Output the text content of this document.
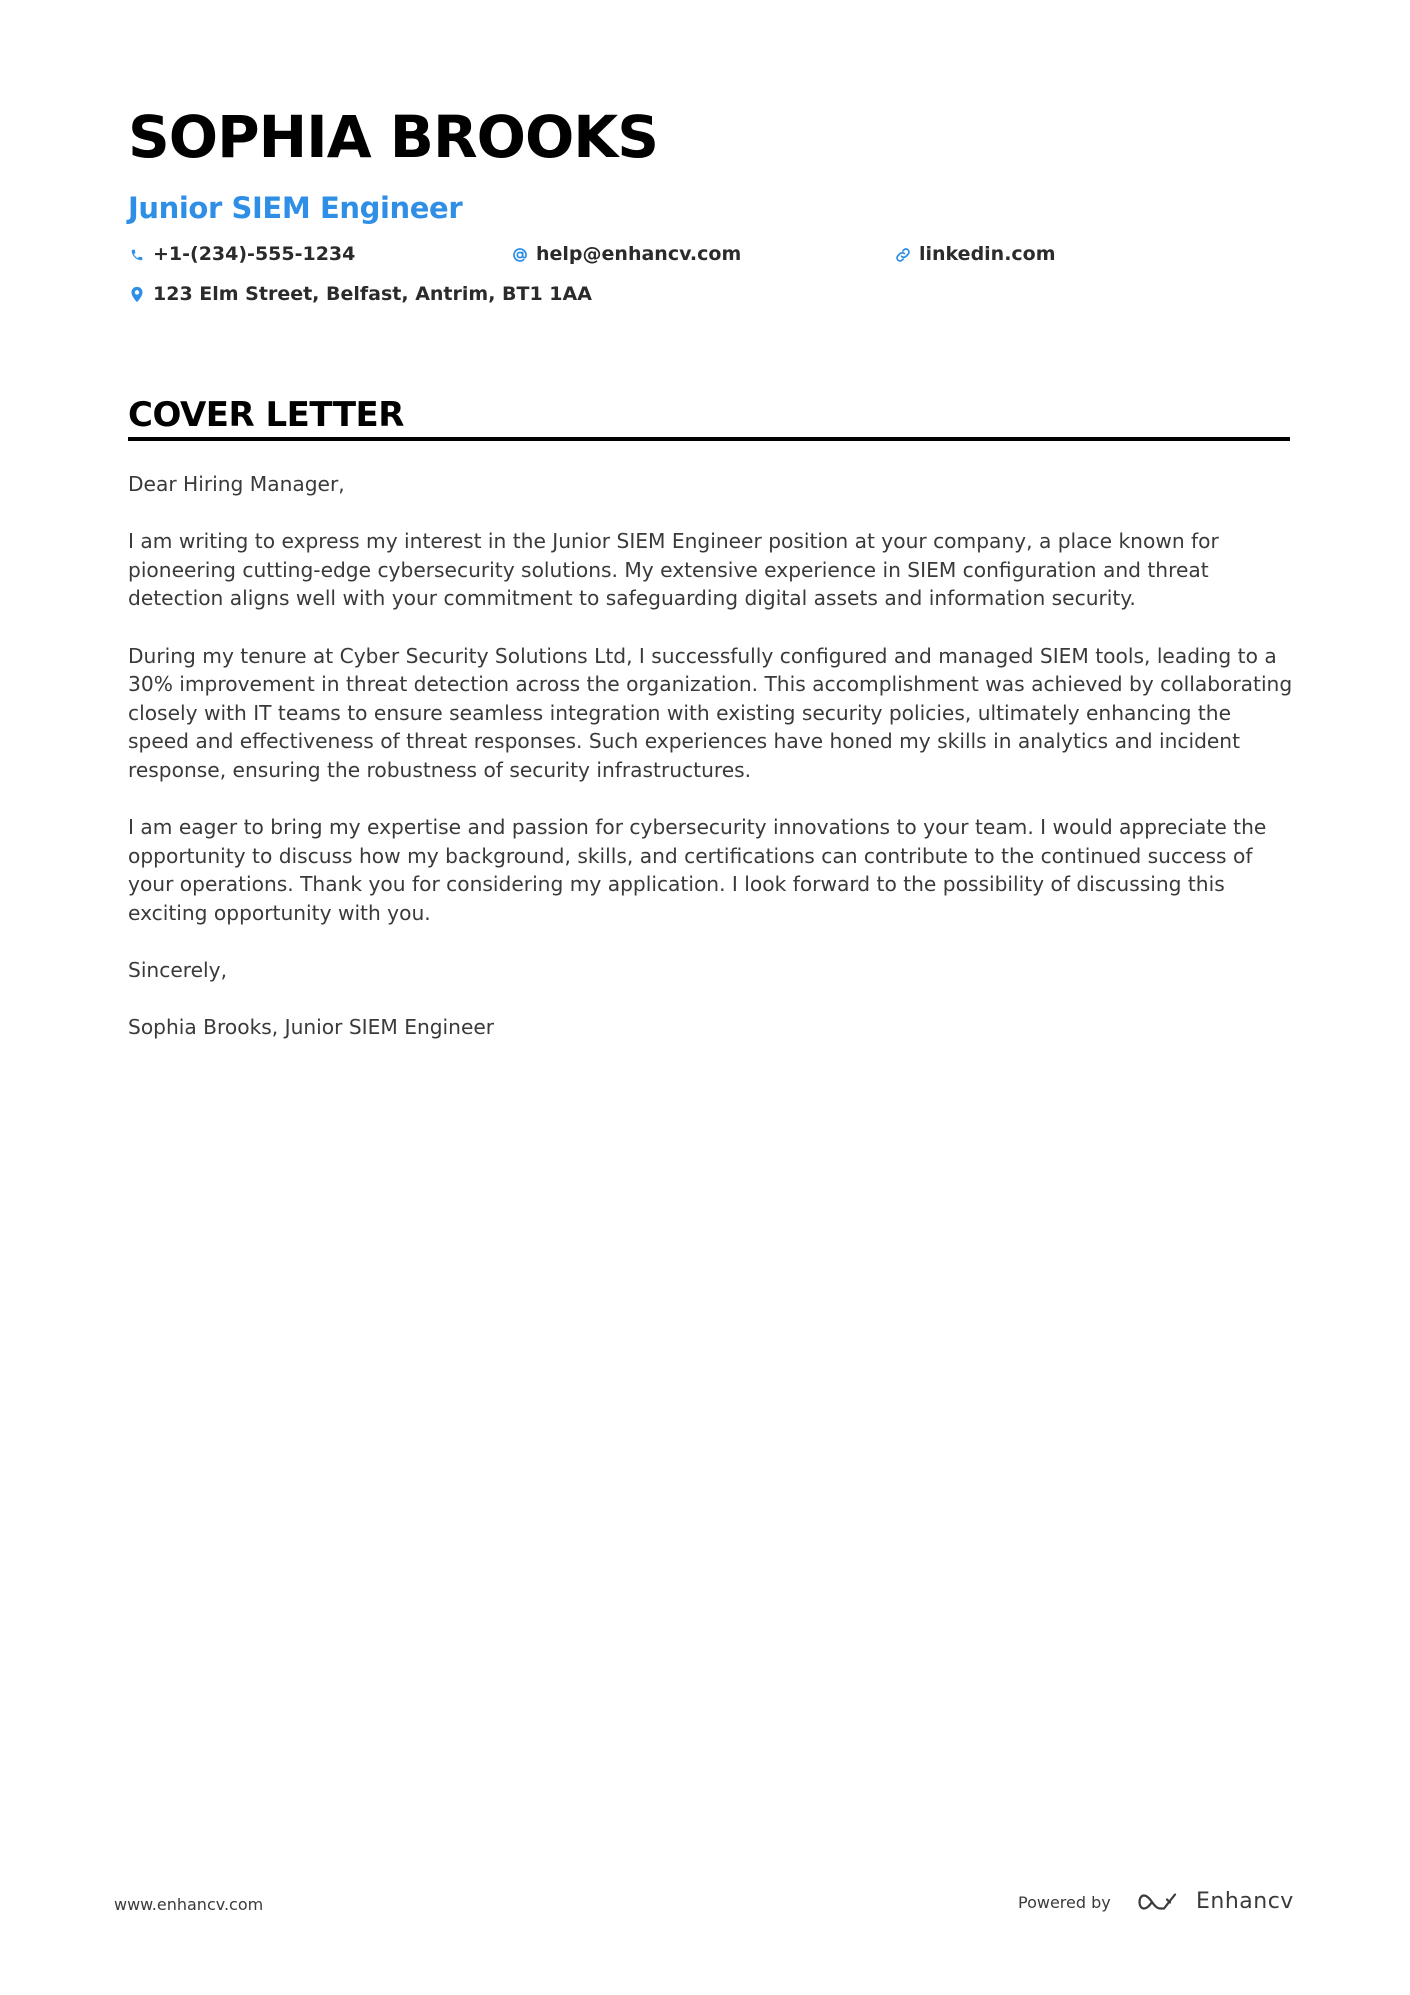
SOPHIA BROOKS
Junior SIEM Engineer
+1-(234)-555-1234	help@enhancv.com	linkedin.com
123 Elm Street, Belfast, Antrim, BT1 1AA
COVER LETTER

Dear Hiring Manager,

I am writing to express my interest in the Junior SIEM Engineer position at your company, a place known for pioneering cutting-edge cybersecurity solutions. My extensive experience in SIEM configuration and threat detection aligns well with your commitment to safeguarding digital assets and information security.

During my tenure at Cyber Security Solutions Ltd, I successfully configured and managed SIEM tools, leading to a 30% improvement in threat detection across the organization. This accomplishment was achieved by collaborating closely with IT teams to ensure seamless integration with existing security policies, ultimately enhancing the speed and effectiveness of threat responses. Such experiences have honed my skills in analytics and incident response, ensuring the robustness of security infrastructures.

I am eager to bring my expertise and passion for cybersecurity innovations to your team. I would appreciate the opportunity to discuss how my background, skills, and certifications can contribute to the continued success of your operations. Thank you for considering my application. I look forward to the possibility of discussing this exciting opportunity with you.

Sincerely,

Sophia Brooks, Junior SIEM Engineer

www.enhancv.com	Powered by	Enhancv
